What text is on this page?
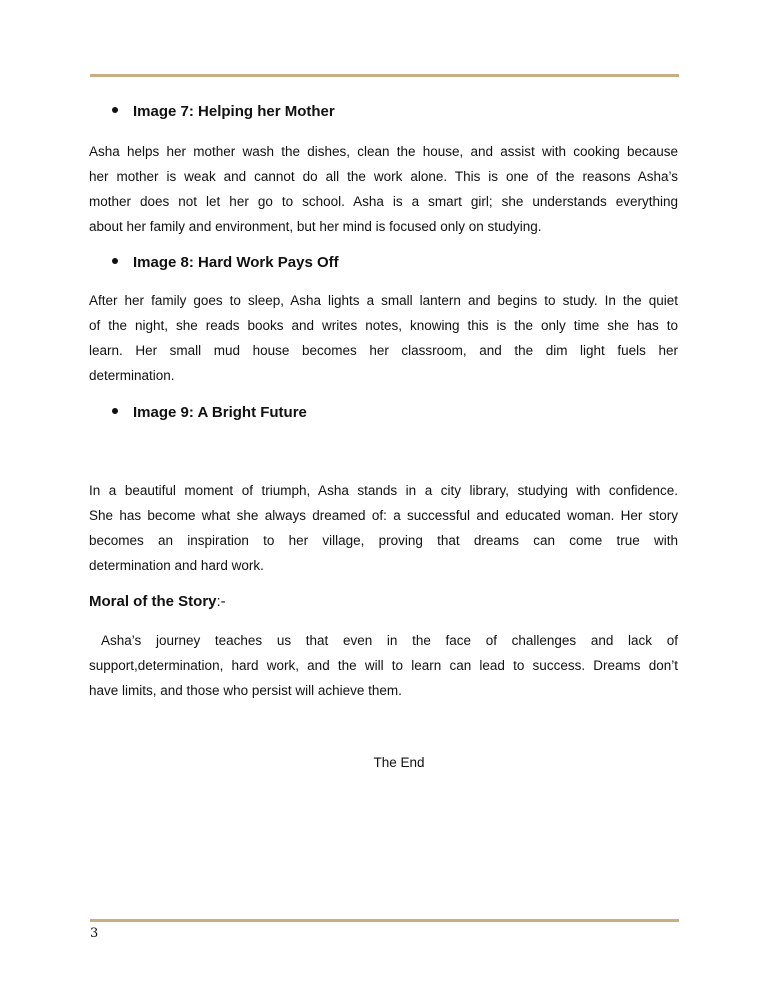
Image 7: Helping her Mother
Asha helps her mother wash the dishes, clean the house, and assist with cooking because
her mother is weak and cannot do all the work alone. This is one of the reasons Asha’s
mother does not let her go to school. Asha is a smart girl; she understands everything
about her family and environment, but her mind is focused only on studying.
Image 8: Hard Work Pays Off
After her family goes to sleep, Asha lights a small lantern and begins to study. In the quiet
of the night, she reads books and writes notes, knowing this is the only time she has to
learn. Her small mud house becomes her classroom, and the dim light fuels her
determination.
Image 9: A Bright Future
In a beautiful moment of triumph, Asha stands in a city library, studying with confidence.
She has become what she always dreamed of: a successful and educated woman. Her story
becomes an inspiration to her village, proving that dreams can come true with
determination and hard work.
Moral of the Story:-
Asha’s journey teaches us that even in the face of challenges and lack of
support,determination, hard work, and the will to learn can lead to success. Dreams don’t
have limits, and those who persist will achieve them.
The End
3
